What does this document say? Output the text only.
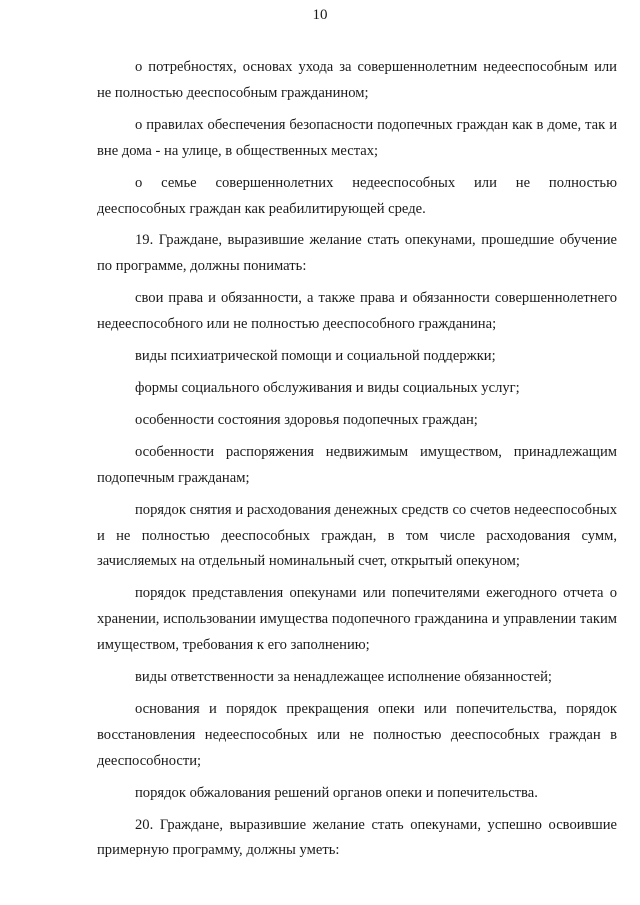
10

о потребностях, основах ухода за совершеннолетним недееспособным или не полностью дееспособным гражданином;

о правилах обеспечения безопасности подопечных граждан как в доме, так и вне дома - на улице, в общественных местах;

о семье совершеннолетних недееспособных или не полностью дееспособных граждан как реабилитирующей среде.

19. Граждане, выразившие желание стать опекунами, прошедшие обучение по программе, должны понимать:

свои права и обязанности, а также права и обязанности совершеннолетнего недееспособного или не полностью дееспособного гражданина;

виды психиатрической помощи и социальной поддержки;

формы социального обслуживания и виды социальных услуг;

особенности состояния здоровья подопечных граждан;

особенности распоряжения недвижимым имуществом, принадлежащим подопечным гражданам;

порядок снятия и расходования денежных средств со счетов недееспособных и не полностью дееспособных граждан, в том числе расходования сумм, зачисляемых на отдельный номинальный счет, открытый опекуном;

порядок представления опекунами или попечителями ежегодного отчета о хранении, использовании имущества подопечного гражданина и управлении таким имуществом, требования к его заполнению;

виды ответственности за ненадлежащее исполнение обязанностей;

основания и порядок прекращения опеки или попечительства, порядок восстановления недееспособных или не полностью дееспособных граждан в дееспособности;

порядок обжалования решений органов опеки и попечительства.

20. Граждане, выразившие желание стать опекунами, успешно освоившие примерную программу, должны уметь:
